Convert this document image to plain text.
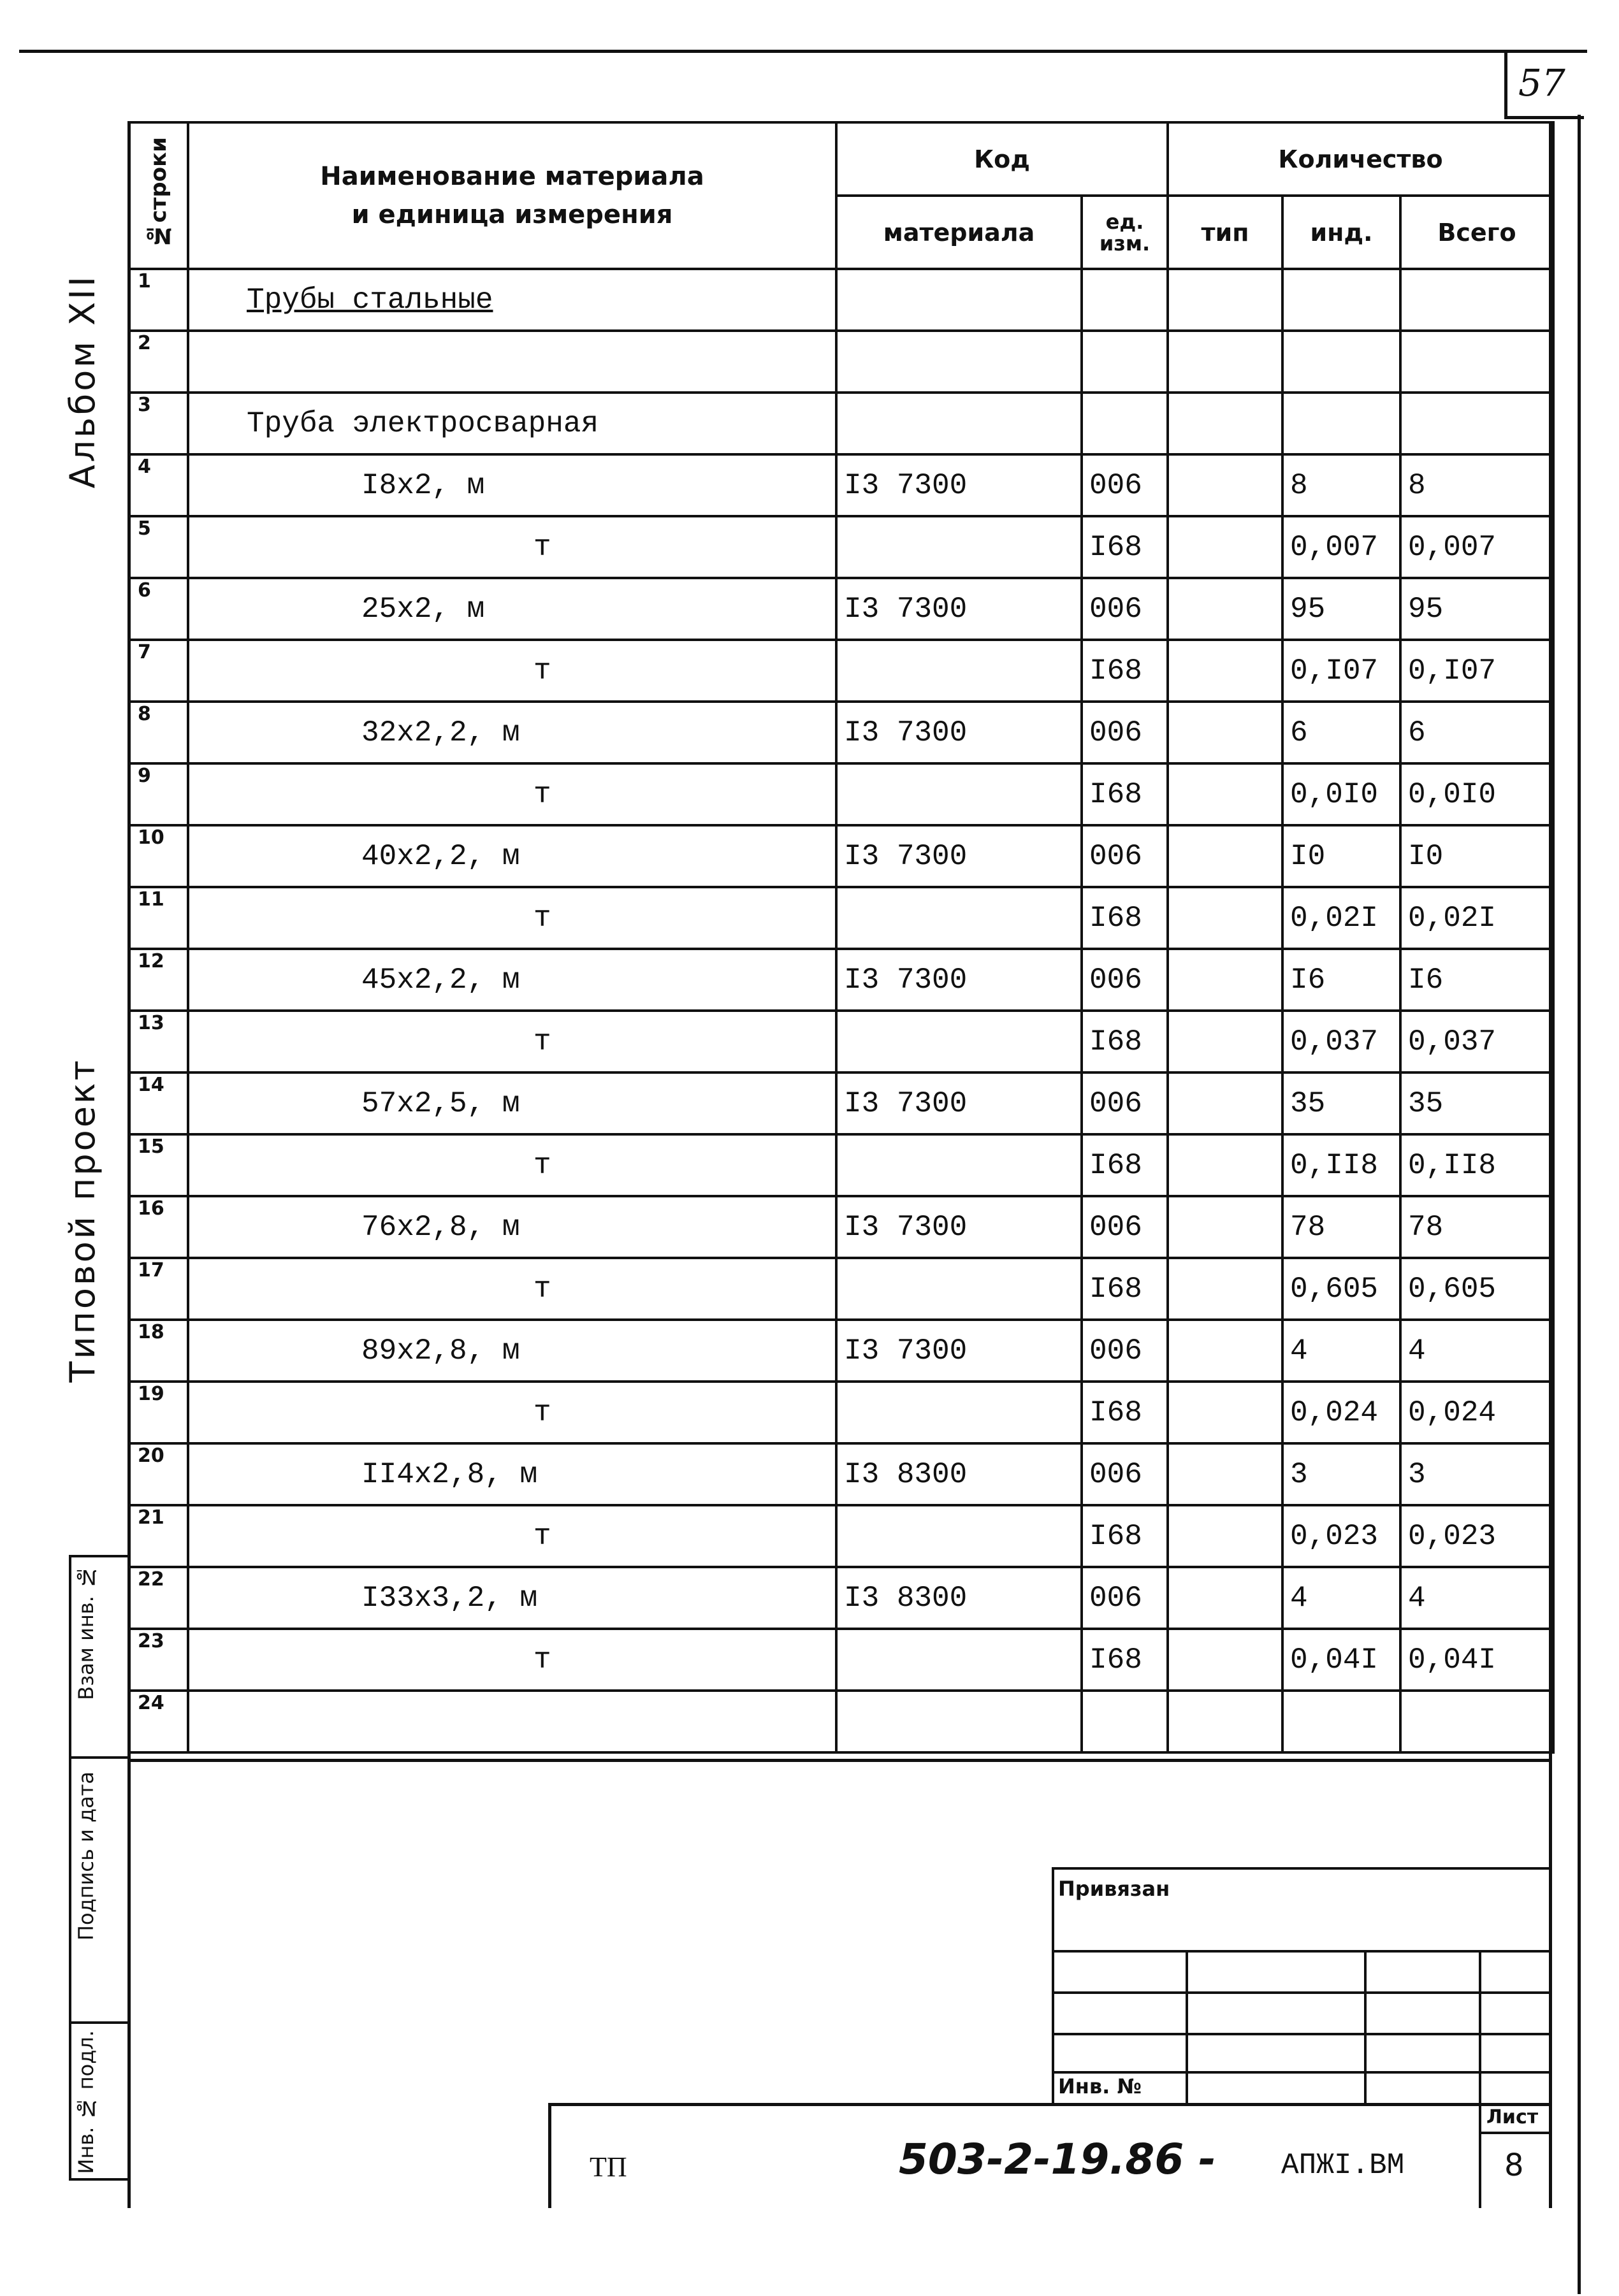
57
Альбом XII
Типовой проект
Взам инв. №
Подпись и дата
Инв. № подл.
№строки	Наименование материала
и единица измерения	Код		Количество		
		материала	ед. изм.	тип	инд.	Всего
1	Трубы стальные					
2						
3	Труба электросварная					
4	I8x2, м	I3 7300	006		8	8
5	т		I68		0,007	0,007
6	25x2, м	I3 7300	006		95	95
7	т		I68		0,I07	0,I07
8	32x2,2, м	I3 7300	006		6	6
9	т		I68		0,0I0	0,0I0
10	40x2,2, м	I3 7300	006		I0	I0
11	т		I68		0,02I	0,02I
12	45x2,2, м	I3 7300	006		I6	I6
13	т		I68		0,037	0,037
14	57x2,5, м	I3 7300	006		35	35
15	т		I68		0,II8	0,II8
16	76x2,8, м	I3 7300	006		78	78
17	т		I68		0,605	0,605
18	89x2,8, м	I3 7300	006		4	4
19	т		I68		0,024	0,024
20	II4x2,8, м	I3 8300	006		3	3
21	т		I68		0,023	0,023
22	I33x3,2, м	I3 8300	006		4	4
23	т		I68		0,04I	0,04I
24						
Привязан
Инв. №
Лист
8
ТП	503-2-19.86 - АПЖI.ВМ
